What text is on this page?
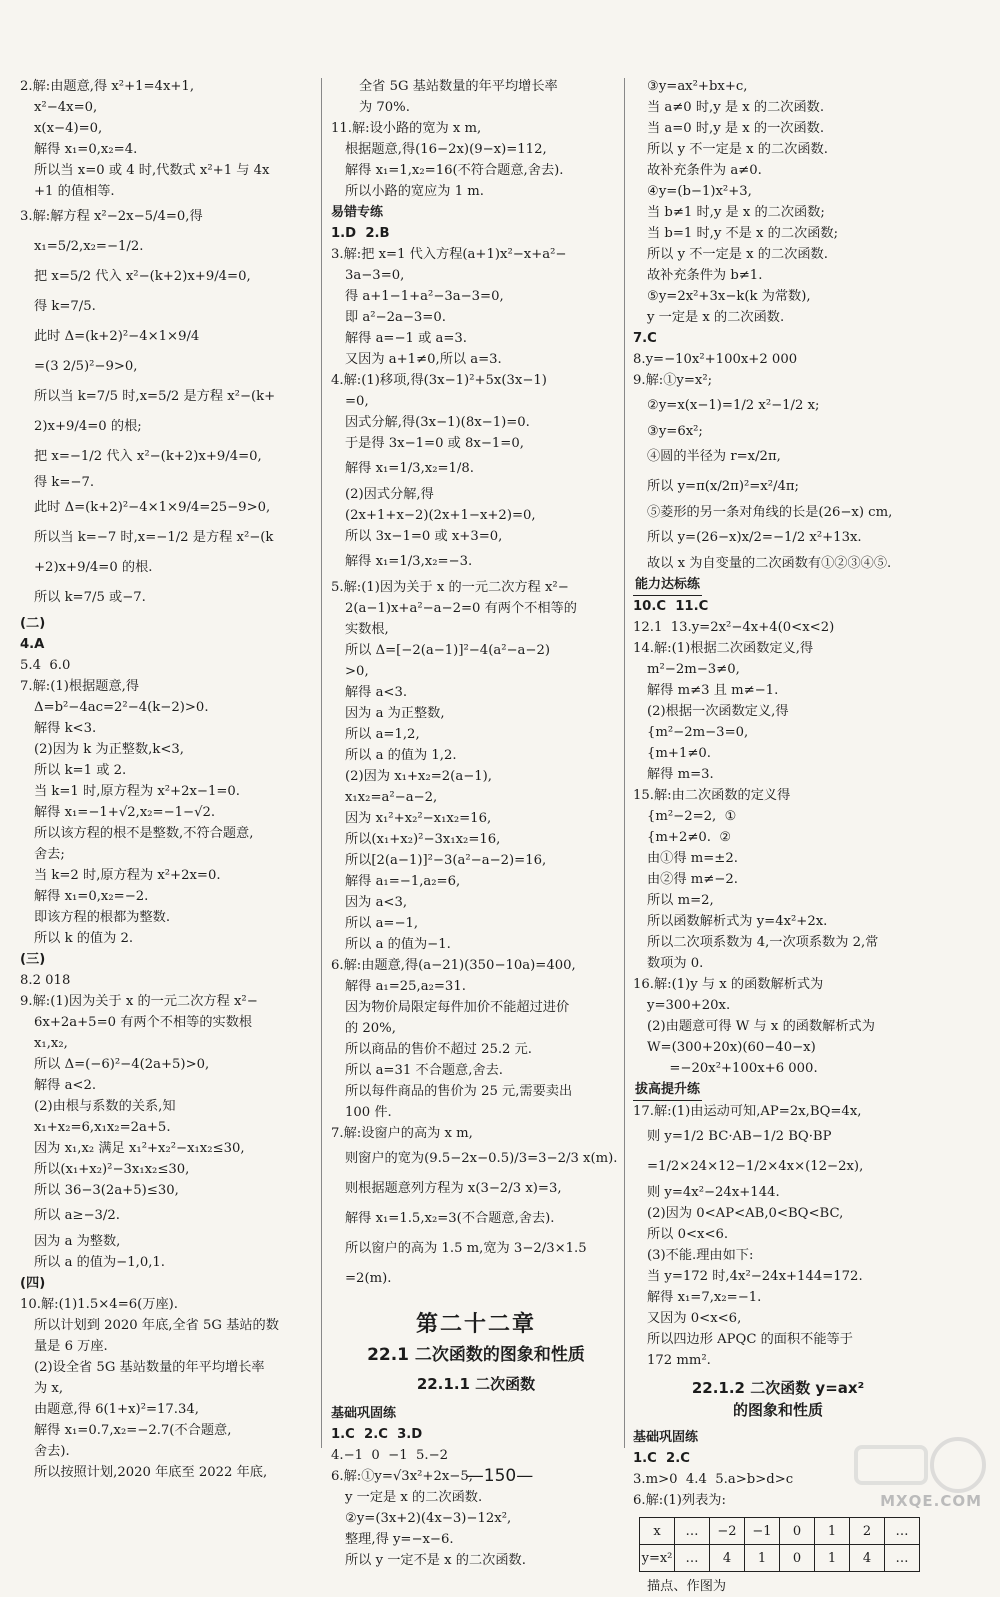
2.解:由题意,得 x²+1=4x+1,
x²−4x=0,
x(x−4)=0,
解得 x₁=0,x₂=4.
所以当 x=0 或 4 时,代数式 x²+1 与 4x
+1 的值相等.
3.解:解方程 x²−2x−5/4=0,得
x₁=5/2,x₂=−1/2.
把 x=5/2 代入 x²−(k+2)x+9/4=0,
得 k=7/5.
此时 Δ=(k+2)²−4×1×9/4
=(3 2/5)²−9>0,
所以当 k=7/5 时,x=5/2 是方程 x²−(k+
2)x+9/4=0 的根;
把 x=−1/2 代入 x²−(k+2)x+9/4=0,
得 k=−7.
此时 Δ=(k+2)²−4×1×9/4=25−9>0,
所以当 k=−7 时,x=−1/2 是方程 x²−(k
+2)x+9/4=0 的根.
所以 k=7/5 或−7.
(二)
4.A
5.4  6.0
7.解:(1)根据题意,得
Δ=b²−4ac=2²−4(k−2)>0.
解得 k<3.
(2)因为 k 为正整数,k<3,
所以 k=1 或 2.
当 k=1 时,原方程为 x²+2x−1=0.
解得 x₁=−1+√2,x₂=−1−√2.
所以该方程的根不是整数,不符合题意,
舍去;
当 k=2 时,原方程为 x²+2x=0.
解得 x₁=0,x₂=−2.
即该方程的根都为整数.
所以 k 的值为 2.
(三)
8.2 018
9.解:(1)因为关于 x 的一元二次方程 x²−
6x+2a+5=0 有两个不相等的实数根
x₁,x₂,
所以 Δ=(−6)²−4(2a+5)>0,
解得 a<2.
(2)由根与系数的关系,知
x₁+x₂=6,x₁x₂=2a+5.
因为 x₁,x₂ 满足 x₁²+x₂²−x₁x₂≤30,
所以(x₁+x₂)²−3x₁x₂≤30,
所以 36−3(2a+5)≤30,
所以 a≥−3/2.
因为 a 为整数,
所以 a 的值为−1,0,1.
(四)
10.解:(1)1.5×4=6(万座).
所以计划到 2020 年底,全省 5G 基站的数
量是 6 万座.
(2)设全省 5G 基站数量的年平均增长率
为 x,
由题意,得 6(1+x)²=17.34,
解得 x₁=0.7,x₂=−2.7(不合题意,
舍去).
所以按照计划,2020 年底至 2022 年底,
全省 5G 基站数量的年平均增长率
为 70%.
11.解:设小路的宽为 x m,
根据题意,得(16−2x)(9−x)=112,
解得 x₁=1,x₂=16(不符合题意,舍去).
所以小路的宽应为 1 m.
易错专练
1.D  2.B
3.解:把 x=1 代入方程(a+1)x²−x+a²−
3a−3=0,
得 a+1−1+a²−3a−3=0,
即 a²−2a−3=0.
解得 a=−1 或 a=3.
又因为 a+1≠0,所以 a=3.
4.解:(1)移项,得(3x−1)²+5x(3x−1)
=0,
因式分解,得(3x−1)(8x−1)=0.
于是得 3x−1=0 或 8x−1=0,
解得 x₁=1/3,x₂=1/8.
(2)因式分解,得
(2x+1+x−2)(2x+1−x+2)=0,
所以 3x−1=0 或 x+3=0,
解得 x₁=1/3,x₂=−3.
5.解:(1)因为关于 x 的一元二次方程 x²−
2(a−1)x+a²−a−2=0 有两个不相等的
实数根,
所以 Δ=[−2(a−1)]²−4(a²−a−2)
>0,
解得 a<3.
因为 a 为正整数,
所以 a=1,2,
所以 a 的值为 1,2.
(2)因为 x₁+x₂=2(a−1),
x₁x₂=a²−a−2,
因为 x₁²+x₂²−x₁x₂=16,
所以(x₁+x₂)²−3x₁x₂=16,
所以[2(a−1)]²−3(a²−a−2)=16,
解得 a₁=−1,a₂=6,
因为 a<3,
所以 a=−1,
所以 a 的值为−1.
6.解:由题意,得(a−21)(350−10a)=400,
解得 a₁=25,a₂=31.
因为物价局限定每件加价不能超过进价
的 20%,
所以商品的售价不超过 25.2 元.
所以 a=31 不合题意,舍去.
所以每件商品的售价为 25 元,需要卖出
100 件.
7.解:设窗户的高为 x m,
则窗户的宽为(9.5−2x−0.5)/3=3−2/3 x(m).
则根据题意列方程为 x(3−2/3 x)=3,
解得 x₁=1.5,x₂=3(不合题意,舍去).
所以窗户的高为 1.5 m,宽为 3−2/3×1.5
=2(m).
第二十二章
22.1 二次函数的图象和性质
22.1.1 二次函数
基础巩固练
1.C  2.C  3.D
4.−1  0  −1  5.−2
6.解:①y=√3x²+2x−5,
y 一定是 x 的二次函数.
②y=(3x+2)(4x−3)−12x²,
整理,得 y=−x−6.
所以 y 一定不是 x 的二次函数.
③y=ax²+bx+c,
当 a≠0 时,y 是 x 的二次函数.
当 a=0 时,y 是 x 的一次函数.
所以 y 不一定是 x 的二次函数.
故补充条件为 a≠0.
④y=(b−1)x²+3,
当 b≠1 时,y 是 x 的二次函数;
当 b=1 时,y 不是 x 的二次函数;
所以 y 不一定是 x 的二次函数.
故补充条件为 b≠1.
⑤y=2x²+3x−k(k 为常数),
y 一定是 x 的二次函数.
7.C
8.y=−10x²+100x+2 000
9.解:①y=x²;
②y=x(x−1)=1/2 x²−1/2 x;
③y=6x²;
④圆的半径为 r=x/2π,
所以 y=π(x/2π)²=x²/4π;
⑤菱形的另一条对角线的长是(26−x) cm,
所以 y=(26−x)x/2=−1/2 x²+13x.
故以 x 为自变量的二次函数有①②③④⑤.
能力达标练
10.C  11.C
12.1  13.y=2x²−4x+4(0<x<2)
14.解:(1)根据二次函数定义,得
m²−2m−3≠0,
解得 m≠3 且 m≠−1.
(2)根据一次函数定义,得
{m²−2m−3=0,
{m+1≠0.
解得 m=3.
15.解:由二次函数的定义得
{m²−2=2,  ①
{m+2≠0.  ②
由①得 m=±2.
由②得 m≠−2.
所以 m=2,
所以函数解析式为 y=4x²+2x.
所以二次项系数为 4,一次项系数为 2,常
数项为 0.
16.解:(1)y 与 x 的函数解析式为
y=300+20x.
(2)由题意可得 W 与 x 的函数解析式为
W=(300+20x)(60−40−x)
=−20x²+100x+6 000.
拔高提升练
17.解:(1)由运动可知,AP=2x,BQ=4x,
则 y=1/2 BC·AB−1/2 BQ·BP
=1/2×24×12−1/2×4x×(12−2x),
则 y=4x²−24x+144.
(2)因为 0<AP<AB,0<BQ<BC,
所以 0<x<6.
(3)不能.理由如下:
当 y=172 时,4x²−24x+144=172.
解得 x₁=7,x₂=−1.
又因为 0<x<6,
所以四边形 APQC 的面积不能等于
172 mm².
22.1.2 二次函数 y=ax²
的图象和性质
基础巩固练
1.C  2.C
3.m>0  4.4  5.a>b>d>c
6.解:(1)列表为:
x	…	−2	−1	0	1	2	…
y=x²	…	4	1	0	1	4	…
描点、作图为
—150—
MXQE.COM
